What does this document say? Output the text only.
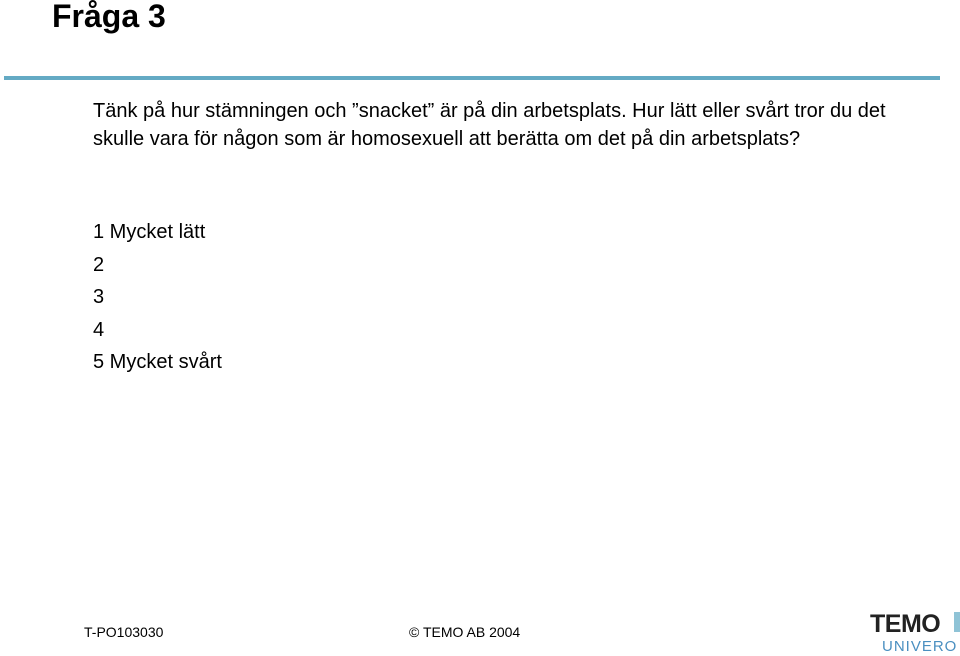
Fråga 3
Tänk på hur stämningen och ”snacket” är på din arbetsplats. Hur lätt eller svårt tror du det skulle vara för någon som är homosexuell att berätta om det på din arbetsplats?
1 Mycket lätt
2
3
4
5 Mycket svårt
T-PO103030	© TEMO AB 2004	TEMO
UNIVERO
